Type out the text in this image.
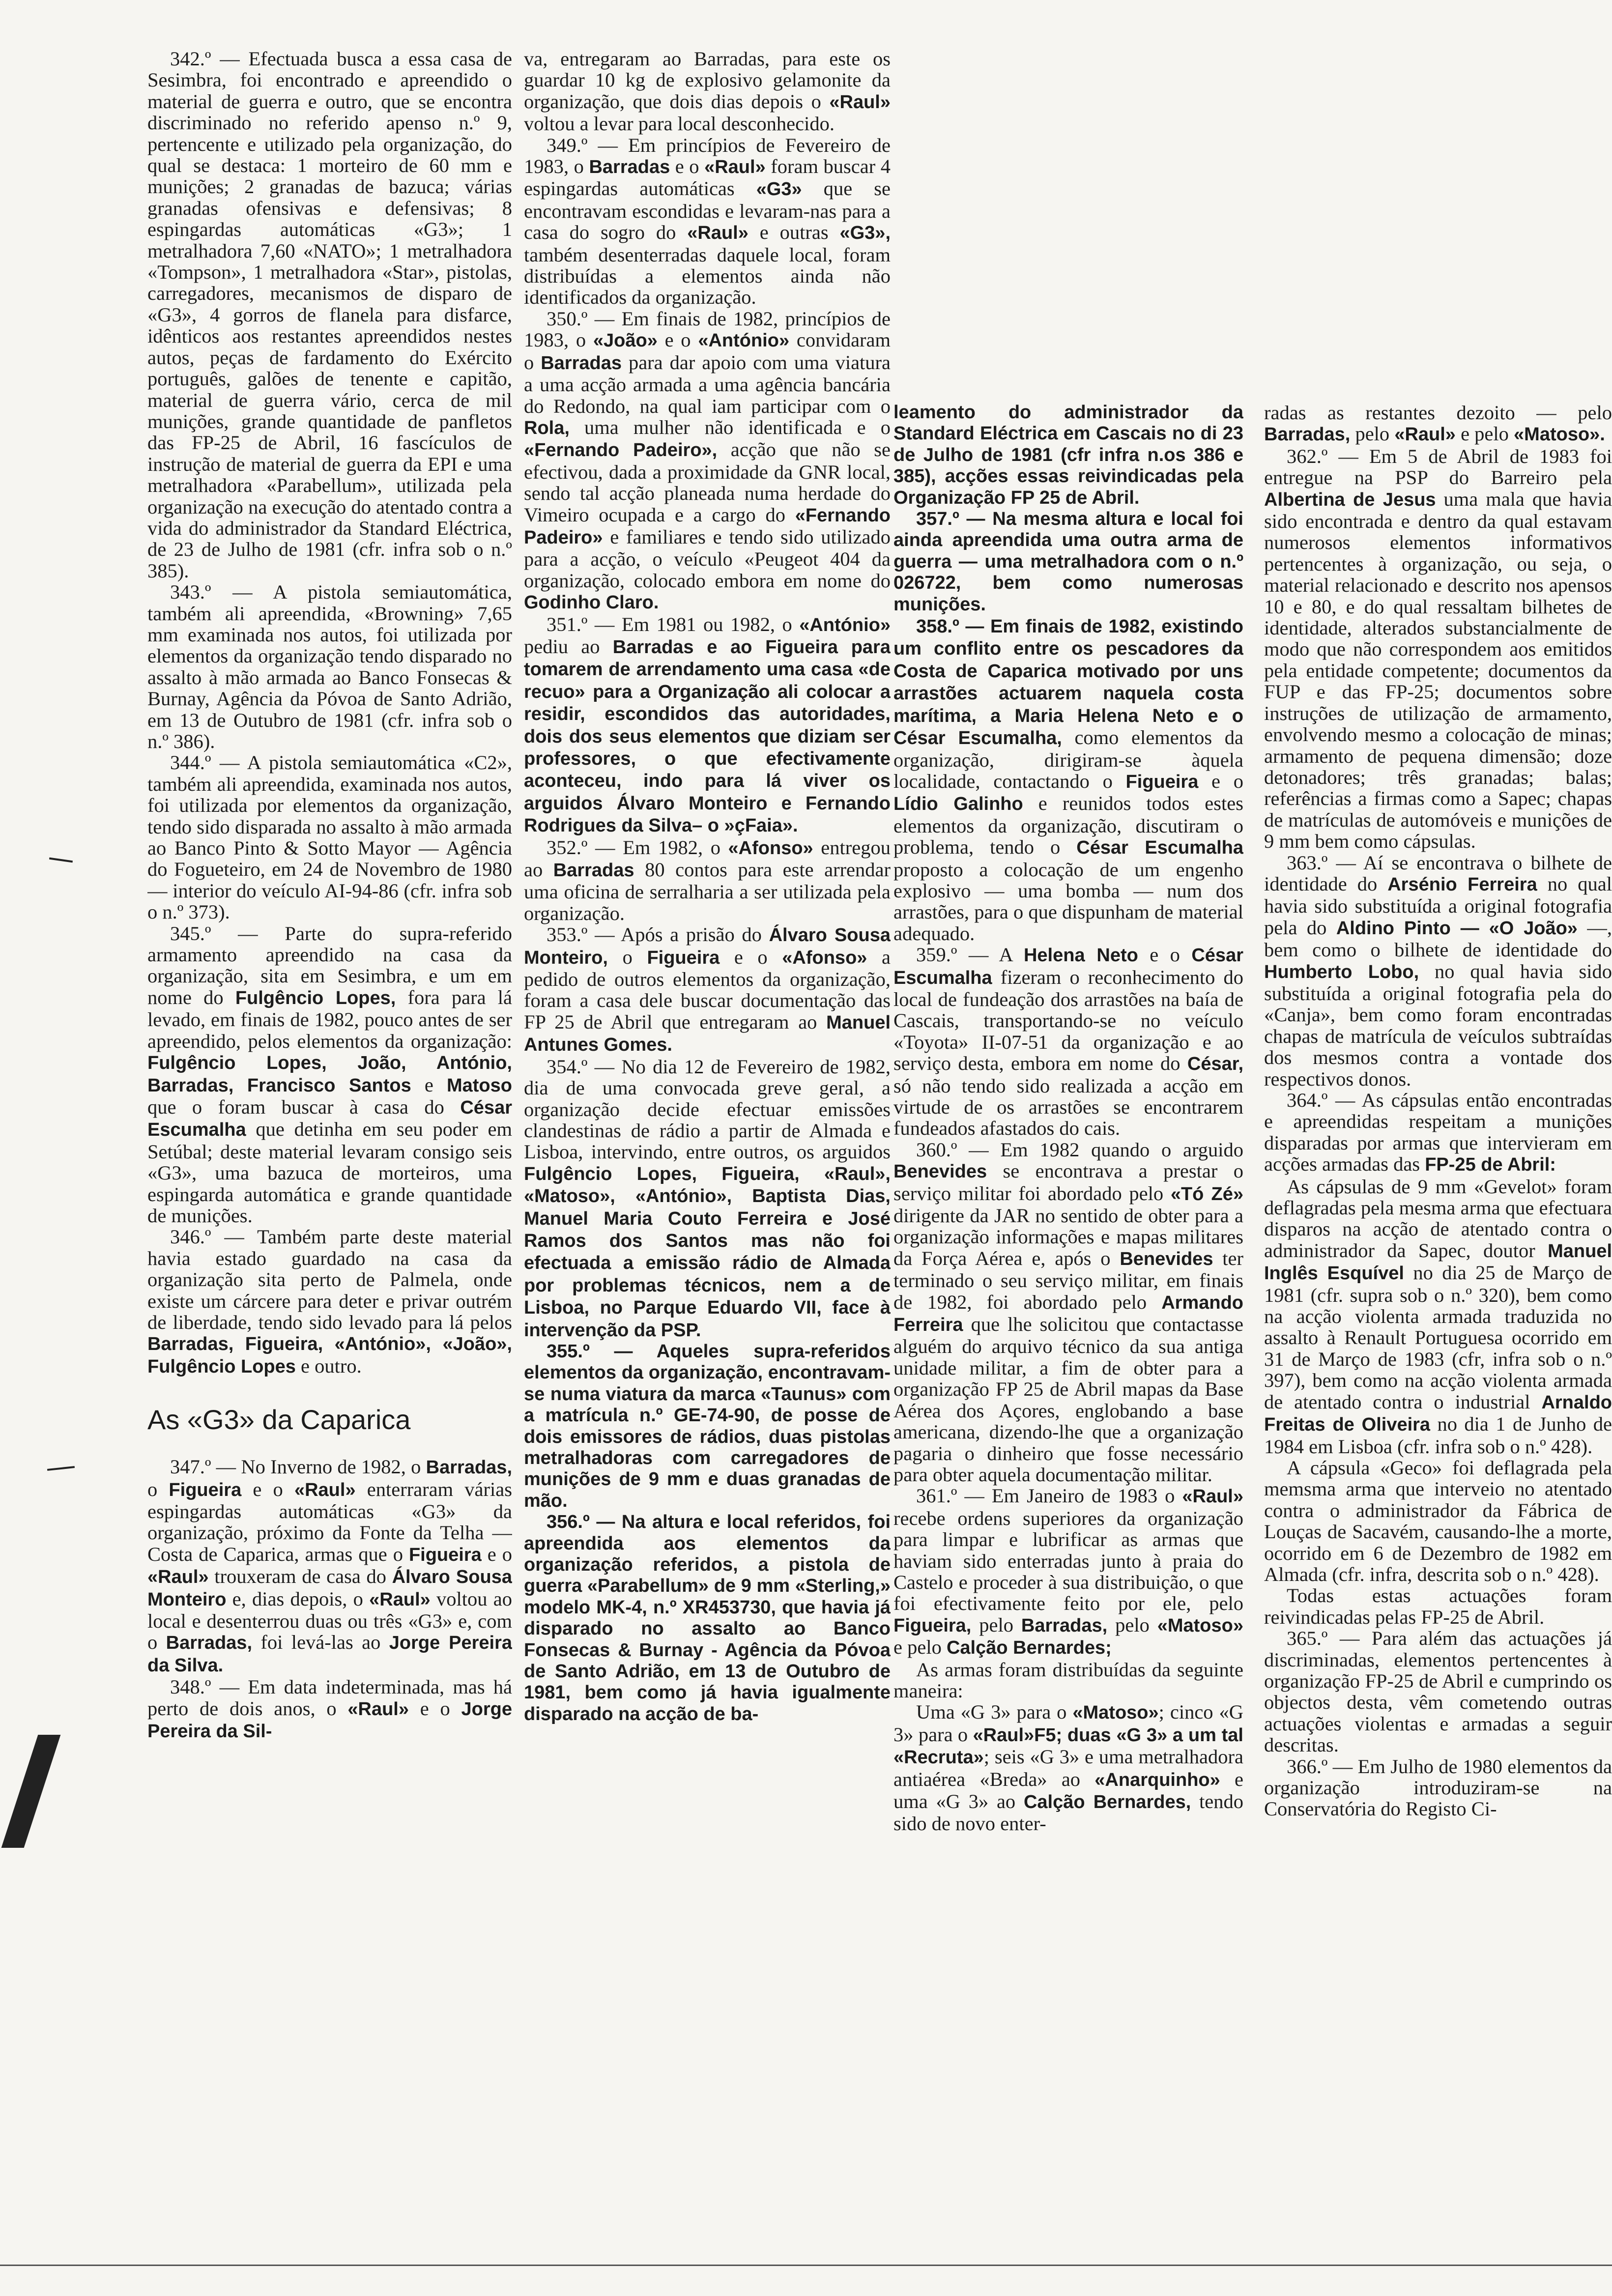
342.º — Efectuada busca a essa casa de Sesimbra, foi encontrado e apreendido o material de guerra e outro, que se encontra discriminado no referido apenso n.º 9, pertencente e utilizado pela organização, do qual se destaca: 1 morteiro de 60 mm e munições; 2 granadas de bazuca; várias granadas ofensivas e defensivas; 8 espingardas automáticas «G3»; 1 metralhadora 7,60 «NATO»; 1 metralhadora «Tompson», 1 metralhadora «Star», pistolas, carregadores, mecanismos de disparo de «G3», 4 gorros de flanela para disfarce, idênticos aos restantes apreendidos nestes autos, peças de fardamento do Exército português, galões de tenente e capitão, material de guerra vário, cerca de mil munições, grande quantidade de panfletos das FP-25 de Abril, 16 fascículos de instrução de material de guerra da EPI e uma metralhadora «Parabellum», utilizada pela organização na execução do atentado contra a vida do administrador da Standard Eléctrica, de 23 de Julho de 1981 (cfr. infra sob o n.º 385).

343.º — A pistola semiautomática, também ali apreendida, «Browning» 7,65 mm examinada nos autos, foi utilizada por elementos da organização tendo disparado no assalto à mão armada ao Banco Fonsecas & Burnay, Agência da Póvoa de Santo Adrião, em 13 de Outubro de 1981 (cfr. infra sob o n.º 386).

344.º — A pistola semiautomática «C2», também ali apreendida, examinada nos autos, foi utilizada por elementos da organização, tendo sido disparada no assalto à mão armada ao Banco Pinto & Sotto Mayor — Agência do Fogueteiro, em 24 de Novembro de 1980 — interior do veículo AI-94-86 (cfr. infra sob o n.º 373).

345.º — Parte do supra-referido armamento apreendido na casa da organização, sita em Sesimbra, e um em nome do Fulgêncio Lopes, fora para lá levado, em finais de 1982, pouco antes de ser apreendido, pelos elementos da organização: Fulgêncio Lopes, João, António, Barradas, Francisco Santos e Matoso que o foram buscar à casa do César Escumalha que detinha em seu poder em Setúbal; deste material levaram consigo seis «G3», uma bazuca de morteiros, uma espingarda automática e grande quantidade de munições.

346.º — Também parte deste material havia estado guardado na casa da organização sita perto de Palmela, onde existe um cárcere para deter e privar outrém de liberdade, tendo sido levado para lá pelos Barradas, Figueira, «António», «João», Fulgêncio Lopes e outro.

As «G3» da Caparica

347.º — No Inverno de 1982, o Barradas, o Figueira e o «Raul» enterraram várias espingardas automáticas «G3» da organização, próximo da Fonte da Telha — Costa de Caparica, armas que o Figueira e o «Raul» trouxeram de casa do Álvaro Sousa Monteiro e, dias depois, o «Raul» voltou ao local e desenterrou duas ou três «G3» e, com o Barradas, foi levá-las ao Jorge Pereira da Silva.

348.º — Em data indeterminada, mas há perto de dois anos, o «Raul» e o Jorge Pereira da Sil-

va, entregaram ao Barradas, para este os guardar 10 kg de explosivo gelamonite da organização, que dois dias depois o «Raul» voltou a levar para local desconhecido.

349.º — Em princípios de Fevereiro de 1983, o Barradas e o «Raul» foram buscar 4 espingardas automáticas «G3» que se encontravam escondidas e levaram-nas para a casa do sogro do «Raul» e outras «G3», também desenterradas daquele local, foram distribuídas a elementos ainda não identificados da organização.

350.º — Em finais de 1982, princípios de 1983, o «João» e o «António» convidaram o Barradas para dar apoio com uma viatura a uma acção armada a uma agência bancária do Redondo, na qual iam participar com o Rola, uma mulher não identificada e o «Fernando Padeiro», acção que não se efectivou, dada a proximidade da GNR local, sendo tal acção planeada numa herdade do Vimeiro ocupada e a cargo do «Fernando Padeiro» e familiares e tendo sido utilizado para a acção, o veículo «Peugeot 404 da organização, colocado embora em nome do Godinho Claro.

351.º — Em 1981 ou 1982, o «António» pediu ao Barradas e ao Figueira para tomarem de arrendamento uma casa «de recuo» para a Organização ali colocar a residir, escondidos das autoridades, dois dos seus elementos que diziam ser professores, o que efectivamente aconteceu, indo para lá viver os arguidos Álvaro Monteiro e Fernando Rodrigues da Silva– o »çFaia».

352.º — Em 1982, o «Afonso» entregou ao Barradas 80 contos para este arrendar uma oficina de serralharia a ser utilizada pela organização.

353.º — Após a prisão do Álvaro Sousa Monteiro, o Figueira e o «Afonso» a pedido de outros elementos da organização, foram a casa dele buscar documentação das FP 25 de Abril que entregaram ao Manuel Antunes Gomes.

354.º — No dia 12 de Fevereiro de 1982, dia de uma convocada greve geral, a organização decide efectuar emissões clandestinas de rádio a partir de Almada e Lisboa, intervindo, entre outros, os arguidos Fulgêncio Lopes, Figueira, «Raul», «Matoso», «António», Baptista Dias, Manuel Maria Couto Ferreira e José Ramos dos Santos mas não foi efectuada a emissão rádio de Almada por problemas técnicos, nem a de Lisboa, no Parque Eduardo VII, face à intervenção da PSP.

355.º — Aqueles supra-referidos elementos da organização, encontravam-se numa viatura da marca «Taunus» com a matrícula n.º GE-74-90, de posse de dois emissores de rádios, duas pistolas metralhadoras com carregadores de munições de 9 mm e duas granadas de mão.

356.º — Na altura e local referidos, foi apreendida aos elementos da organização referidos, a pistola de guerra «Parabellum» de 9 mm «Sterling,» modelo MK-4, n.º XR453730, que havia já disparado no assalto ao Banco Fonsecas & Burnay - Agência da Póvoa de Santo Adrião, em 13 de Outubro de 1981, bem como já havia igualmente disparado na acção de ba-

leamento do administrador da Standard Eléctrica em Cascais no di 23 de Julho de 1981 (cfr infra n.os 386 e 385), acções essas reivindicadas pela Organização FP 25 de Abril.

357.º — Na mesma altura e local foi ainda apreendida uma outra arma de guerra — uma metralhadora com o n.º 026722, bem como numerosas munições.

358.º — Em finais de 1982, existindo um conflito entre os pescadores da Costa de Caparica motivado por uns arrastões actuarem naquela costa marítima, a Maria Helena Neto e o César Escumalha, como elementos da organização, dirigiram-se àquela localidade, contactando o Figueira e o Lídio Galinho e reunidos todos estes elementos da organização, discutiram o problema, tendo o César Escumalha proposto a colocação de um engenho explosivo — uma bomba — num dos arrastões, para o que dispunham de material adequado.

359.º — A Helena Neto e o César Escumalha fizeram o reconhecimento do local de fundeação dos arrastões na baía de Cascais, transportando-se no veículo «Toyota» II-07-51 da organização e ao serviço desta, embora em nome do César, só não tendo sido realizada a acção em virtude de os arrastões se encontrarem fundeados afastados do cais.

360.º — Em 1982 quando o arguido Benevides se encontrava a prestar o serviço militar foi abordado pelo «Tó Zé» dirigente da JAR no sentido de obter para a organização informações e mapas militares da Força Aérea e, após o Benevides ter terminado o seu serviço militar, em finais de 1982, foi abordado pelo Armando Ferreira que lhe solicitou que contactasse alguém do arquivo técnico da sua antiga unidade militar, a fim de obter para a organização FP 25 de Abril mapas da Base Aérea dos Açores, englobando a base americana, dizendo-lhe que a organização pagaria o dinheiro que fosse necessário para obter aquela documentação militar.

361.º — Em Janeiro de 1983 o «Raul» recebe ordens superiores da organização para limpar e lubrificar as armas que haviam sido enterradas junto à praia do Castelo e proceder à sua distribuição, o que foi efectivamente feito por ele, pelo Figueira, pelo Barradas, pelo «Matoso» e pelo Calção Bernardes;

As armas foram distribuídas da seguinte maneira:

Uma «G 3» para o «Matoso»; cinco «G 3» para o «Raul»F5; duas «G 3» a um tal «Recruta»; seis «G 3» e uma metralhadora antiaérea «Breda» ao «Anarquinho» e uma «G 3» ao Calção Bernardes, tendo sido de novo enter-

radas as restantes dezoito — pelo Barradas, pelo «Raul» e pelo «Matoso».

362.º — Em 5 de Abril de 1983 foi entregue na PSP do Barreiro pela Albertina de Jesus uma mala que havia sido encontrada e dentro da qual estavam numerosos elementos informativos pertencentes à organização, ou seja, o material relacionado e descrito nos apensos 10 e 80, e do qual ressaltam bilhetes de identidade, alterados substancialmente de modo que não correspondem aos emitidos pela entidade competente; documentos da FUP e das FP-25; documentos sobre instruções de utilização de armamento, envolvendo mesmo a colocação de minas; armamento de pequena dimensão; doze detonadores; três granadas; balas; referências a firmas como a Sapec; chapas de matrículas de automóveis e munições de 9 mm bem como cápsulas.

363.º — Aí se encontrava o bilhete de identidade do Arsénio Ferreira no qual havia sido substituída a original fotografia pela do Aldino Pinto — «O João» —, bem como o bilhete de identidade do Humberto Lobo, no qual havia sido substituída a original fotografia pela do «Canja», bem como foram encontradas chapas de matrícula de veículos subtraídas dos mesmos contra a vontade dos respectivos donos.

364.º — As cápsulas então encontradas e apreendidas respeitam a munições disparadas por armas que intervieram em acções armadas das FP-25 de Abril:

As cápsulas de 9 mm «Gevelot» foram deflagradas pela mesma arma que efectuara disparos na acção de atentado contra o administrador da Sapec, doutor Manuel Inglês Esquível no dia 25 de Março de 1981 (cfr. supra sob o n.º 320), bem como na acção violenta armada traduzida no assalto à Renault Portuguesa ocorrido em 31 de Março de 1983 (cfr, infra sob o n.º 397), bem como na acção violenta armada de atentado contra o industrial Arnaldo Freitas de Oliveira no dia 1 de Junho de 1984 em Lisboa (cfr. infra sob o n.º 428).

A cápsula «Geco» foi deflagrada pela memsma arma que interveio no atentado contra o administrador da Fábrica de Louças de Sacavém, causando-lhe a morte, ocorrido em 6 de Dezembro de 1982 em Almada (cfr. infra, descrita sob o n.º 428).

Todas estas actuações foram reivindicadas pelas FP-25 de Abril.

365.º — Para além das actuações já discriminadas, elementos pertencentes à organização FP-25 de Abril e cumprindo os objectos desta, vêm cometendo outras actuações violentas e armadas a seguir descritas.

366.º — Em Julho de 1980 elementos da organização introduziram-se na Conservatória do Registo Ci-
